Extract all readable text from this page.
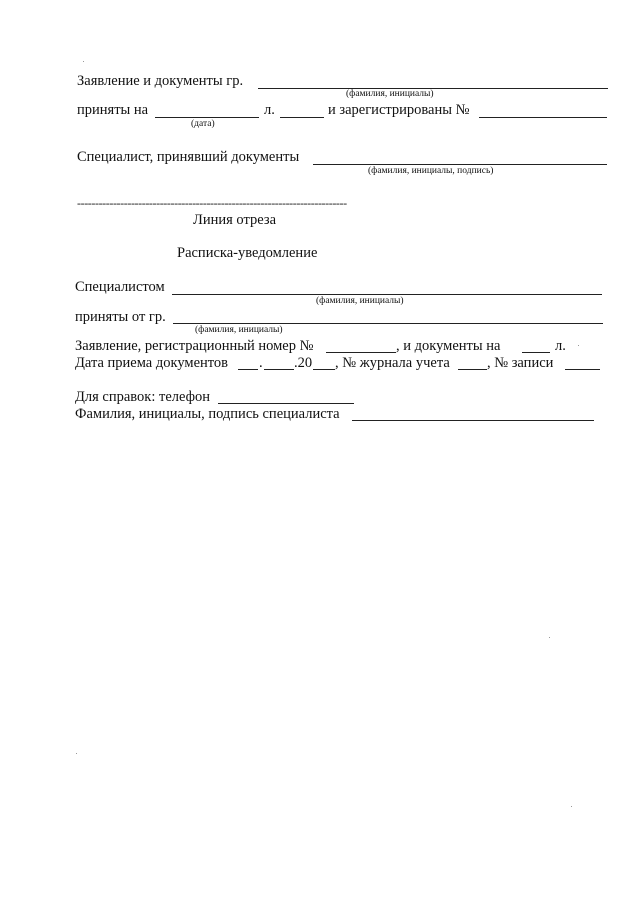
Заявление и документы гр.
(фамилия, инициалы)
приняты на	л.
(дата)
и зарегистрированы №
Специалист, принявший документы
(фамилия, инициалы, подпись)
---------------------------------------------------------------------------
Линия отреза
Расписка-уведомление
Специалистом
(фамилия, инициалы)
приняты от гр.
(фамилия, инициалы)
Заявление, регистрационный номер №	, и документы на	л.
Дата приема документов . .20 , № журнала учета	, № записи
Для справок: телефон
Фамилия, инициалы, подпись специалиста
